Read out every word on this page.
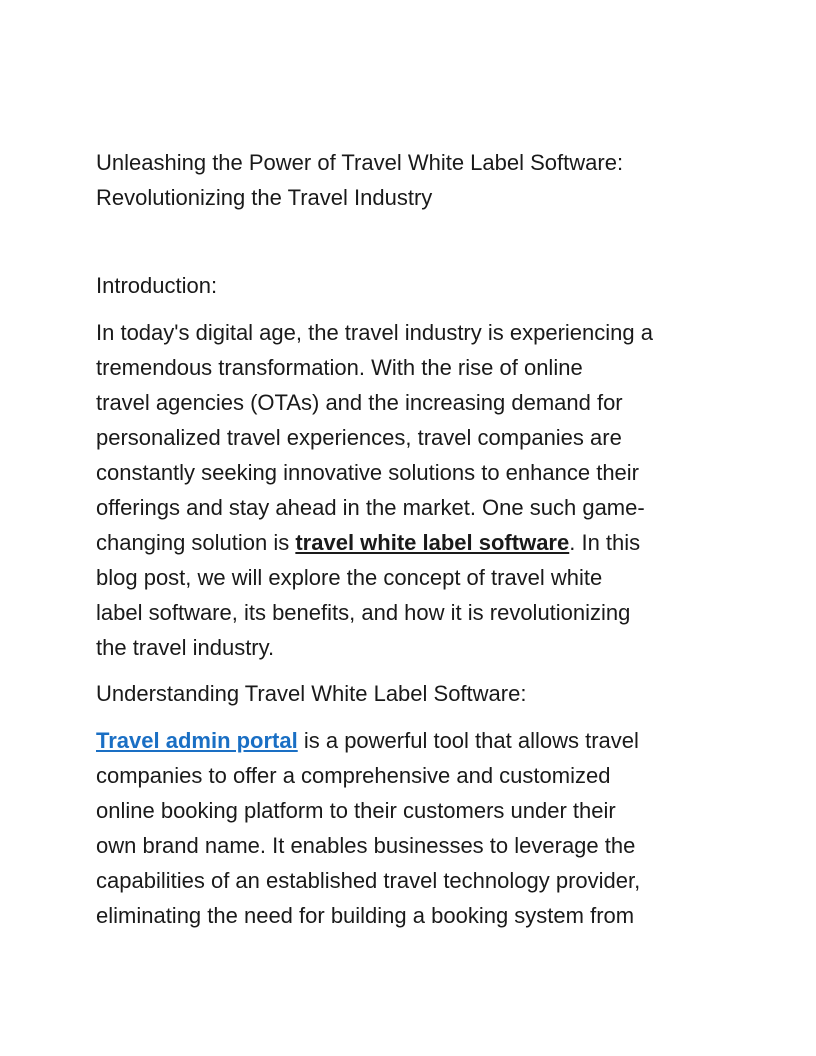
Unleashing the Power of Travel White Label Software:
Revolutionizing the Travel Industry
Introduction:

In today's digital age, the travel industry is experiencing a
tremendous transformation. With the rise of online
travel agencies (OTAs) and the increasing demand for
personalized travel experiences, travel companies are
constantly seeking innovative solutions to enhance their
offerings and stay ahead in the market. One such game-
changing solution is travel white label software. In this
blog post, we will explore the concept of travel white
label software, its benefits, and how it is revolutionizing
the travel industry.

Understanding Travel White Label Software:

Travel admin portal is a powerful tool that allows travel
companies to offer a comprehensive and customized
online booking platform to their customers under their
own brand name. It enables businesses to leverage the
capabilities of an established travel technology provider,
eliminating the need for building a booking system from
